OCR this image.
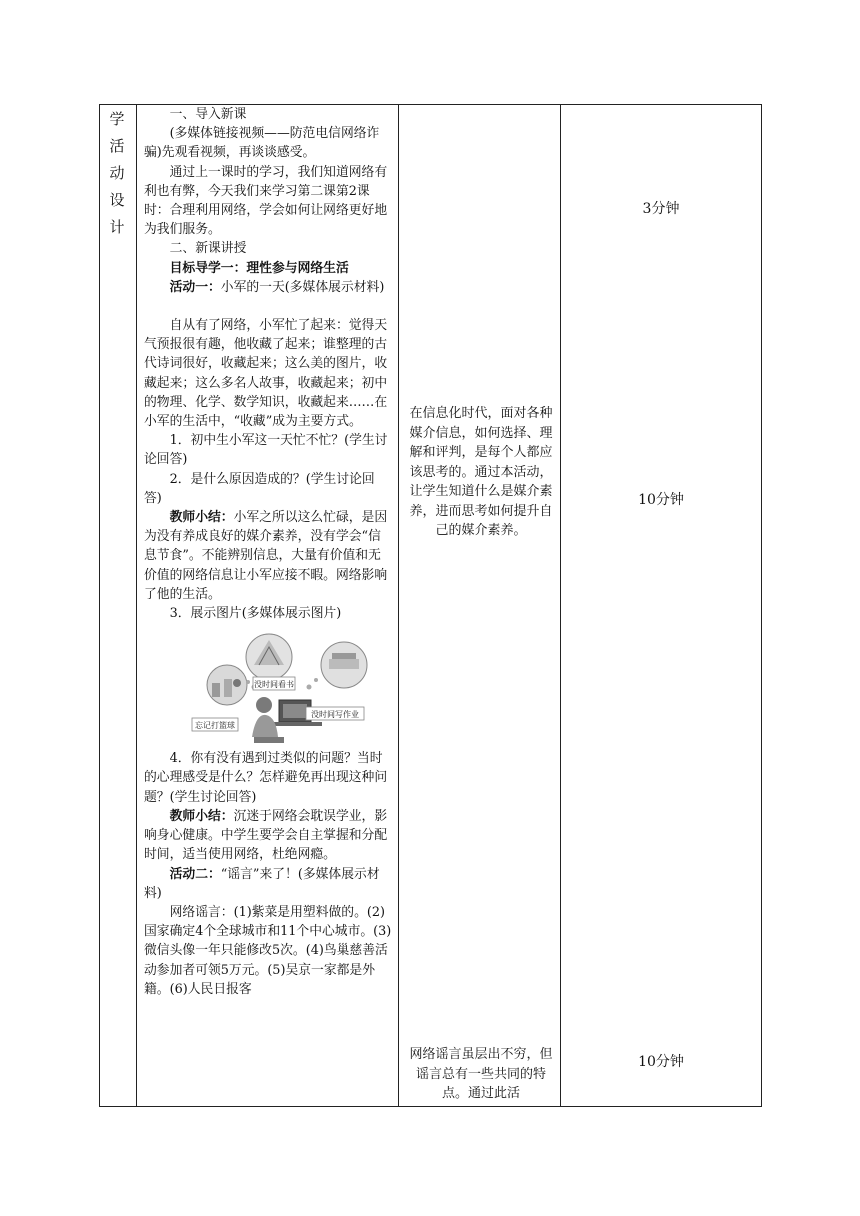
学
活
动
设
计

一、导入新课

(多媒体链接视频——防范电信网络诈骗)先观看视频，再谈谈感受。

通过上一课时的学习，我们知道网络有利也有弊，今天我们来学习第二课第2课时：合理利用网络，学会如何让网络更好地为我们服务。

二、新课讲授

目标导学一：理性参与网络生活

活动一：小军的一天(多媒体展示材料)

自从有了网络，小军忙了起来：觉得天气预报很有趣，他收藏了起来；谁整理的古代诗词很好，收藏起来；这么美的图片，收藏起来；这么多名人故事，收藏起来；初中的物理、化学、数学知识，收藏起来……在小军的生活中，“收藏”成为主要方式。

1．初中生小军这一天忙不忙？(学生讨论回答)

2．是什么原因造成的？(学生讨论回答)

教师小结：小军之所以这么忙碌，是因为没有养成良好的媒介素养，没有学会“信息节食”。不能辨别信息，大量有价值和无价值的网络信息让小军应接不暇。网络影响了他的生活。

3．展示图片(多媒体展示图片)

没时间看书
忘记打篮球
没时间写作业

4．你有没有遇到过类似的问题？当时的心理感受是什么？怎样避免再出现这种问题？(学生讨论回答)

教师小结：沉迷于网络会耽误学业，影响身心健康。中学生要学会自主掌握和分配时间，适当使用网络，杜绝网瘾。

活动二：“谣言”来了！(多媒体展示材料)

网络谣言：(1)紫菜是用塑料做的。(2)国家确定4个全球城市和11个中心城市。(3)微信头像一年只能修改5次。(4)鸟巢慈善活动参加者可领5万元。(5)吴京一家都是外籍。(6)人民日报客

在信息化时代，面对各种媒介信息，如何选择、理解和评判，是每个人都应该思考的。通过本活动，让学生知道什么是媒介素养，进而思考如何提升自己的媒介素养。
网络谣言虽层出不穷，但谣言总有一些共同的特点。通过此活
3分钟
10分钟
10分钟
